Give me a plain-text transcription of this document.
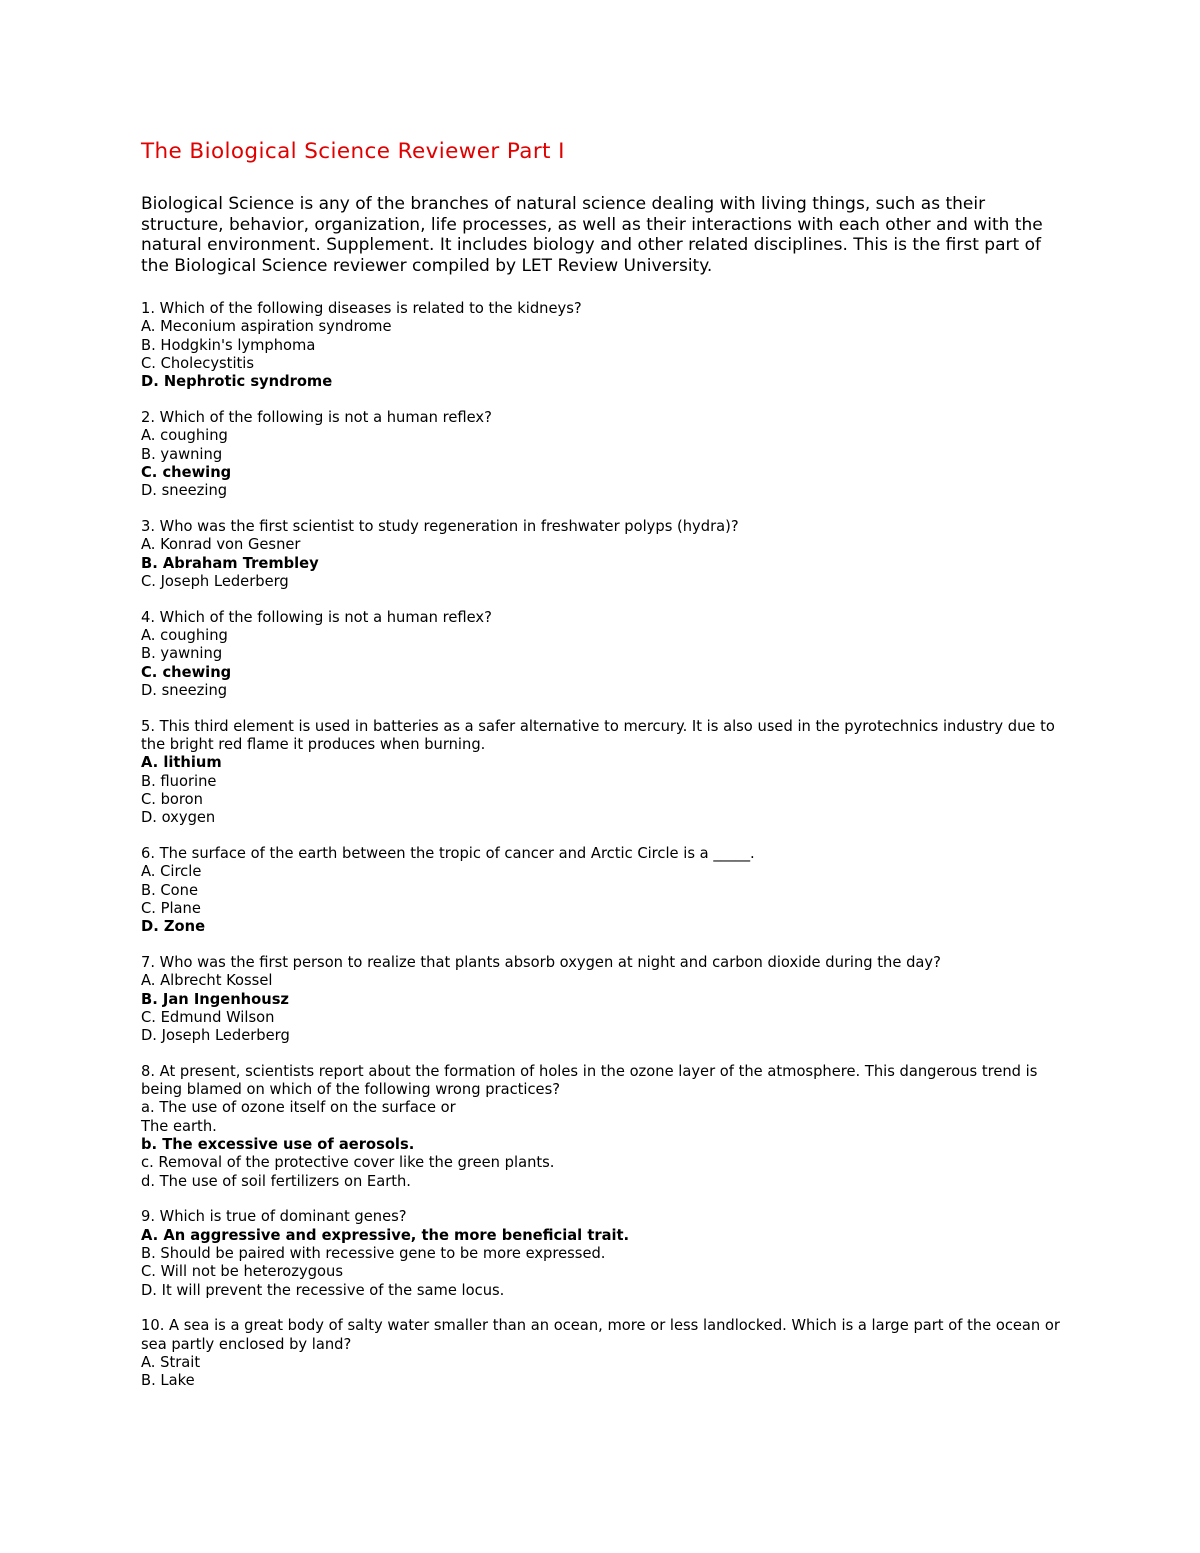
The Biological Science Reviewer Part I

Biological Science is any of the branches of natural science dealing with living things, such as their structure, behavior, organization, life processes, as well as their interactions with each other and with the natural environment. Supplement. It includes biology and other related disciplines. This is the first part of the Biological Science reviewer compiled by LET Review University.

1. Which of the following diseases is related to the kidneys?
A. Meconium aspiration syndrome
B. Hodgkin's lymphoma
C. Cholecystitis
D. Nephrotic syndrome
2. Which of the following is not a human reflex?
A. coughing
B. yawning
C. chewing
D. sneezing
3. Who was the first scientist to study regeneration in freshwater polyps (hydra)?
A. Konrad von Gesner
B. Abraham Trembley
C. Joseph Lederberg
4. Which of the following is not a human reflex?
A. coughing
B. yawning
C. chewing
D. sneezing
5. This third element is used in batteries as a safer alternative to mercury. It is also used in the pyrotechnics industry due to the bright red flame it produces when burning.
A. lithium
B. fluorine
C. boron
D. oxygen
6. The surface of the earth between the tropic of cancer and Arctic Circle is a _____.
A. Circle
B. Cone
C. Plane
D. Zone
7. Who was the first person to realize that plants absorb oxygen at night and carbon dioxide during the day?
A. Albrecht Kossel
B. Jan Ingenhousz
C. Edmund Wilson
D. Joseph Lederberg
8. At present, scientists report about the formation of holes in the ozone layer of the atmosphere. This dangerous trend is being blamed on which of the following wrong practices?
a. The use of ozone itself on the surface or
The earth.
b. The excessive use of aerosols.
c. Removal of the protective cover like the green plants.
d. The use of soil fertilizers on Earth.
9. Which is true of dominant genes?
A. An aggressive and expressive, the more beneficial trait.
B. Should be paired with recessive gene to be more expressed.
C. Will not be heterozygous
D. It will prevent the recessive of the same locus.
10. A sea is a great body of salty water smaller than an ocean, more or less landlocked. Which is a large part of the ocean or sea partly enclosed by land?
A. Strait
B. Lake
